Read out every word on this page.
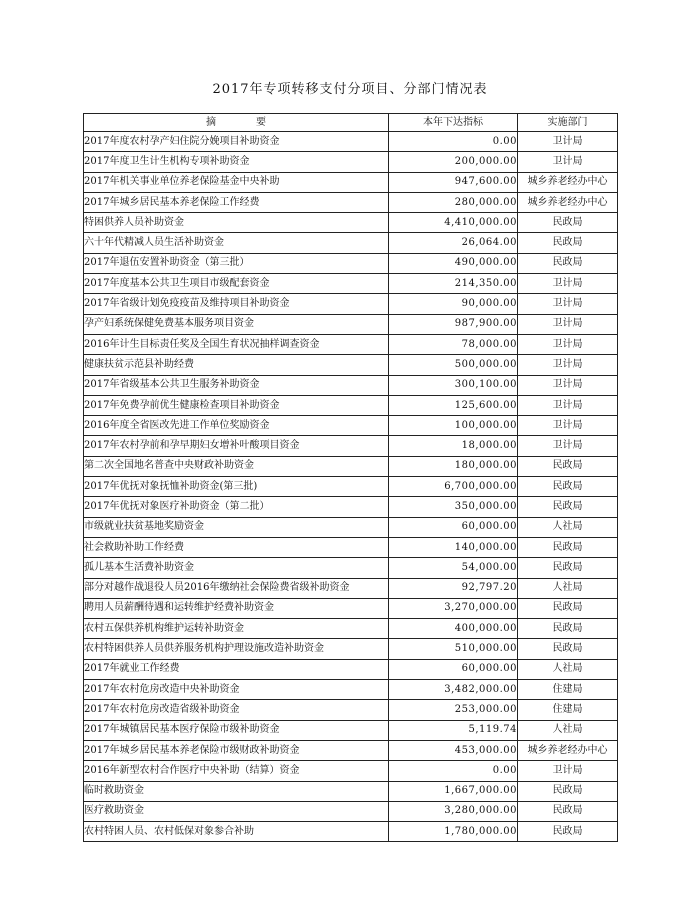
2017年专项转移支付分项目、分部门情况表
摘　　　　要	本年下达指标	实施部门
2017年度农村孕产妇住院分娩项目补助资金	0.00	卫计局
2017年度卫生计生机构专项补助资金	200,000.00	卫计局
2017年机关事业单位养老保险基金中央补助	947,600.00	城乡养老经办中心
2017年城乡居民基本养老保险工作经费	280,000.00	城乡养老经办中心
特困供养人员补助资金	4,410,000.00	民政局
六十年代精减人员生活补助资金	26,064.00	民政局
2017年退伍安置补助资金（第三批）	490,000.00	民政局
2017年度基本公共卫生项目市级配套资金	214,350.00	卫计局
2017年省级计划免疫疫苗及维持项目补助资金	90,000.00	卫计局
孕产妇系统保健免费基本服务项目资金	987,900.00	卫计局
2016年计生目标责任奖及全国生育状况抽样调查资金	78,000.00	卫计局
健康扶贫示范县补助经费	500,000.00	卫计局
2017年省级基本公共卫生服务补助资金	300,100.00	卫计局
2017年免费孕前优生健康检查项目补助资金	125,600.00	卫计局
2016年度全省医改先进工作单位奖励资金	100,000.00	卫计局
2017年农村孕前和孕早期妇女增补叶酸项目资金	18,000.00	卫计局
第二次全国地名普查中央财政补助资金	180,000.00	民政局
2017年优抚对象抚恤补助资金(第三批)	6,700,000.00	民政局
2017年优抚对象医疗补助资金（第二批）	350,000.00	民政局
市级就业扶贫基地奖励资金	60,000.00	人社局
社会救助补助工作经费	140,000.00	民政局
孤儿基本生活费补助资金	54,000.00	民政局
部分对越作战退役人员2016年缴纳社会保险费省级补助资金	92,797.20	人社局
聘用人员薪酬待遇和运转维护经费补助资金	3,270,000.00	民政局
农村五保供养机构维护运转补助资金	400,000.00	民政局
农村特困供养人员供养服务机构护理设施改造补助资金	510,000.00	民政局
2017年就业工作经费	60,000.00	人社局
2017年农村危房改造中央补助资金	3,482,000.00	住建局
2017年农村危房改造省级补助资金	253,000.00	住建局
2017年城镇居民基本医疗保险市级补助资金	5,119.74	人社局
2017年城乡居民基本养老保险市级财政补助资金	453,000.00	城乡养老经办中心
2016年新型农村合作医疗中央补助（结算）资金	0.00	卫计局
临时救助资金	1,667,000.00	民政局
医疗救助资金	3,280,000.00	民政局
农村特困人员、农村低保对象参合补助	1,780,000.00	民政局
